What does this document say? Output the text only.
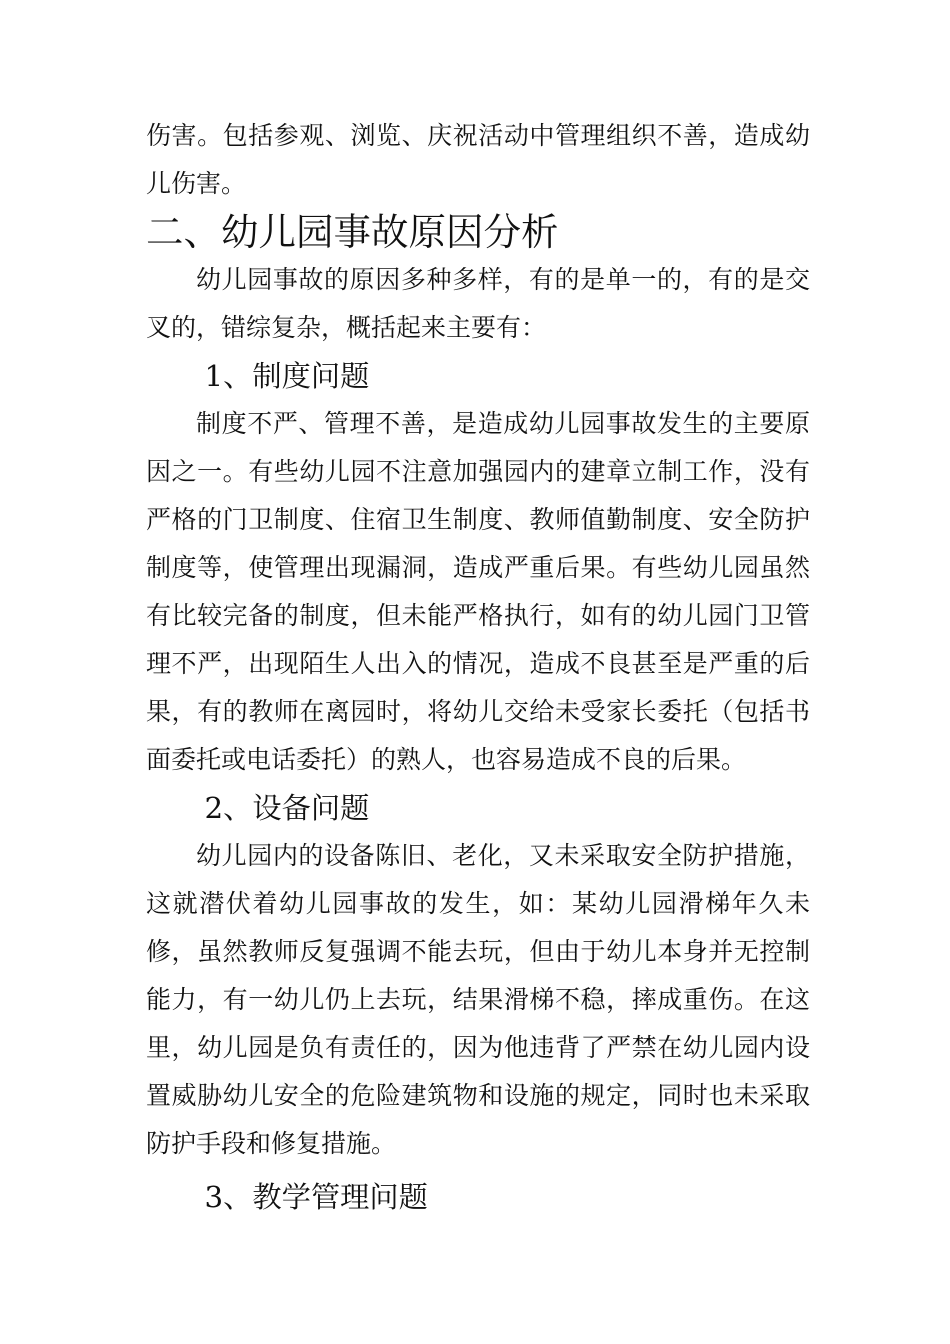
伤害。包括参观、浏览、庆祝活动中管理组织不善，造成幼儿伤害。

二、幼儿园事故原因分析

幼儿园事故的原因多种多样，有的是单一的，有的是交叉的，错综复杂，概括起来主要有：

1、制度问题

制度不严、管理不善，是造成幼儿园事故发生的主要原因之一。有些幼儿园不注意加强园内的建章立制工作，没有严格的门卫制度、住宿卫生制度、教师值勤制度、安全防护制度等，使管理出现漏洞，造成严重后果。有些幼儿园虽然有比较完备的制度，但未能严格执行，如有的幼儿园门卫管理不严，出现陌生人出入的情况，造成不良甚至是严重的后果，有的教师在离园时，将幼儿交给未受家长委托（包括书面委托或电话委托）的熟人，也容易造成不良的后果。

2、设备问题

幼儿园内的设备陈旧、老化，又未采取安全防护措施，这就潜伏着幼儿园事故的发生，如：某幼儿园滑梯年久未修，虽然教师反复强调不能去玩，但由于幼儿本身并无控制能力，有一幼儿仍上去玩，结果滑梯不稳，摔成重伤。在这里，幼儿园是负有责任的，因为他违背了严禁在幼儿园内设置威胁幼儿安全的危险建筑物和设施的规定，同时也未采取防护手段和修复措施。

3、教学管理问题
